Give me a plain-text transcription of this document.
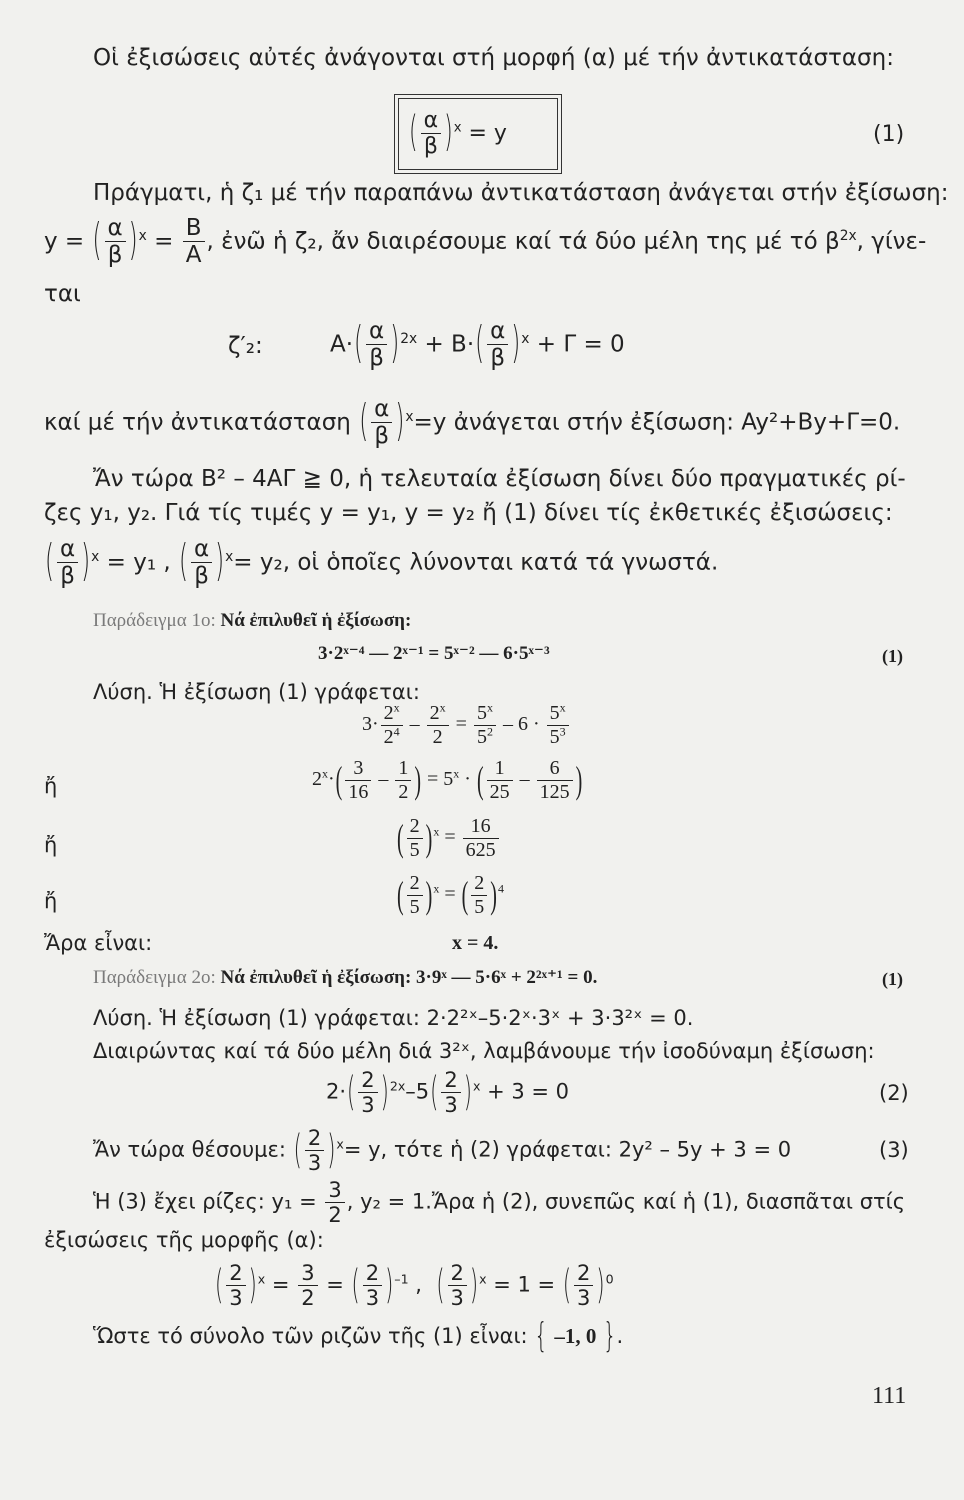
Οἱ ἐξισώσεις αὐτές ἀνάγονται στή μορφή (α) μέ τήν ἀντικατάσταση:
( $\frac{\alpha}{\beta} )^x = y$	(1)
Πράγματι, ἡ ζ₁ μέ τήν παραπάνω ἀντικατάσταση ἀνάγεται στήν ἐξίσωση:
y = ( $\frac{\alpha}{\beta} )^x = \frac{B}{A}$ , ἐνῶ ἡ ζ₂, ἄν διαιρέσουμε καί τά δύο μέλη της μέ τό $\beta^{2x}$, γίνε-
ται
ζ′₂:	$A\cdot( \frac{\alpha}{\beta} )^{2x} + B\cdot( \frac{\alpha}{\beta} )^x + \Gamma = 0$
καί μέ τήν ἀντικατάσταση ( $\frac{\alpha}{\beta} )^x=y$ ἀνάγεται στήν ἐξίσωση: Ay²+By+Γ=0.
Ἄν τώρα Β² – 4ΑΓ ≧ 0, ἡ τελευταία ἐξίσωση δίνει δύο πραγματικές ρί-
ζες y₁, y₂. Γιά τίς τιμές y = y₁, y = y₂ ἤ (1) δίνει τίς ἐκθετικές ἐξισώσεις:
( $\frac{\alpha}{\beta} )^x = y_1$ , ( $\frac{\alpha}{\beta} )^x= y_2$, οἱ ὁποῖες λύνονται κατά τά γνωστά.
Παράδειγμα 1ο: Νά ἐπιλυθεῖ ἡ ἐξίσωση:
3·2ˣ⁻⁴ — 2ˣ⁻¹ = 5ˣ⁻² — 6·5ˣ⁻³	(1)
Λύση. Ἡ ἐξίσωση (1) γράφεται:
$3\cdot \frac{2^x}{2^4} - \frac{2^x}{2} = \frac{5^x}{5^2} - 6 \cdot \frac{5^x}{5^3}$
ἤ	$2^x\cdot( \frac{3}{16} - \frac{1}{2}$ ) = $5^x$ · ( $\frac{1}{25} - \frac{6}{125}$ )
ἤ	( $\frac{2}{5} )^x = \frac{16}{625}$
ἤ	( $\frac{2}{5} )^x$ = ( $\frac{2}{5} )^4$
Ἄρα εἶναι:	x = 4.
Παράδειγμα 2ο: Νά ἐπιλυθεῖ ἡ ἐξίσωση: 3·9ˣ — 5·6ˣ + 2²ˣ⁺¹ = 0.	(1)
Λύση. Ἡ ἐξίσωση (1) γράφεται: 2·2²ˣ–5·2ˣ·3ˣ + 3·3²ˣ = 0.
Διαιρώντας καί τά δύο μέλη διά 3²ˣ, λαμβάνουμε τήν ἰσοδύναμη ἐξίσωση:
$2\cdot( \frac{2}{3} )^{2x}-5( \frac{2}{3} )^x + 3 = 0$	(2)
Ἄν τώρα θέσουμε: ( $\frac{2}{3} )^x= y$, τότε ἡ (2) γράφεται: 2y² – 5y + 3 = 0	(3)
Ἡ (3) ἔχει ρίζες: $y_1 = \frac{3}{2}$ , y₂ = 1.Ἄρα ἡ (2), συνεπῶς καί ἡ (1), διασπᾶται στίς
ἐξισώσεις τῆς μορφῆς (α):
( $\frac{2}{3} )^x = \frac{3}{2}$ = ( $\frac{2}{3} )^{-1}$ ,  ( $\frac{2}{3} )^x = 1$ = ( $\frac{2}{3} )^0$
Ὥστε τό σύνολο τῶν ριζῶν τῆς (1) εἶναι: { –1, 0 }.
111
